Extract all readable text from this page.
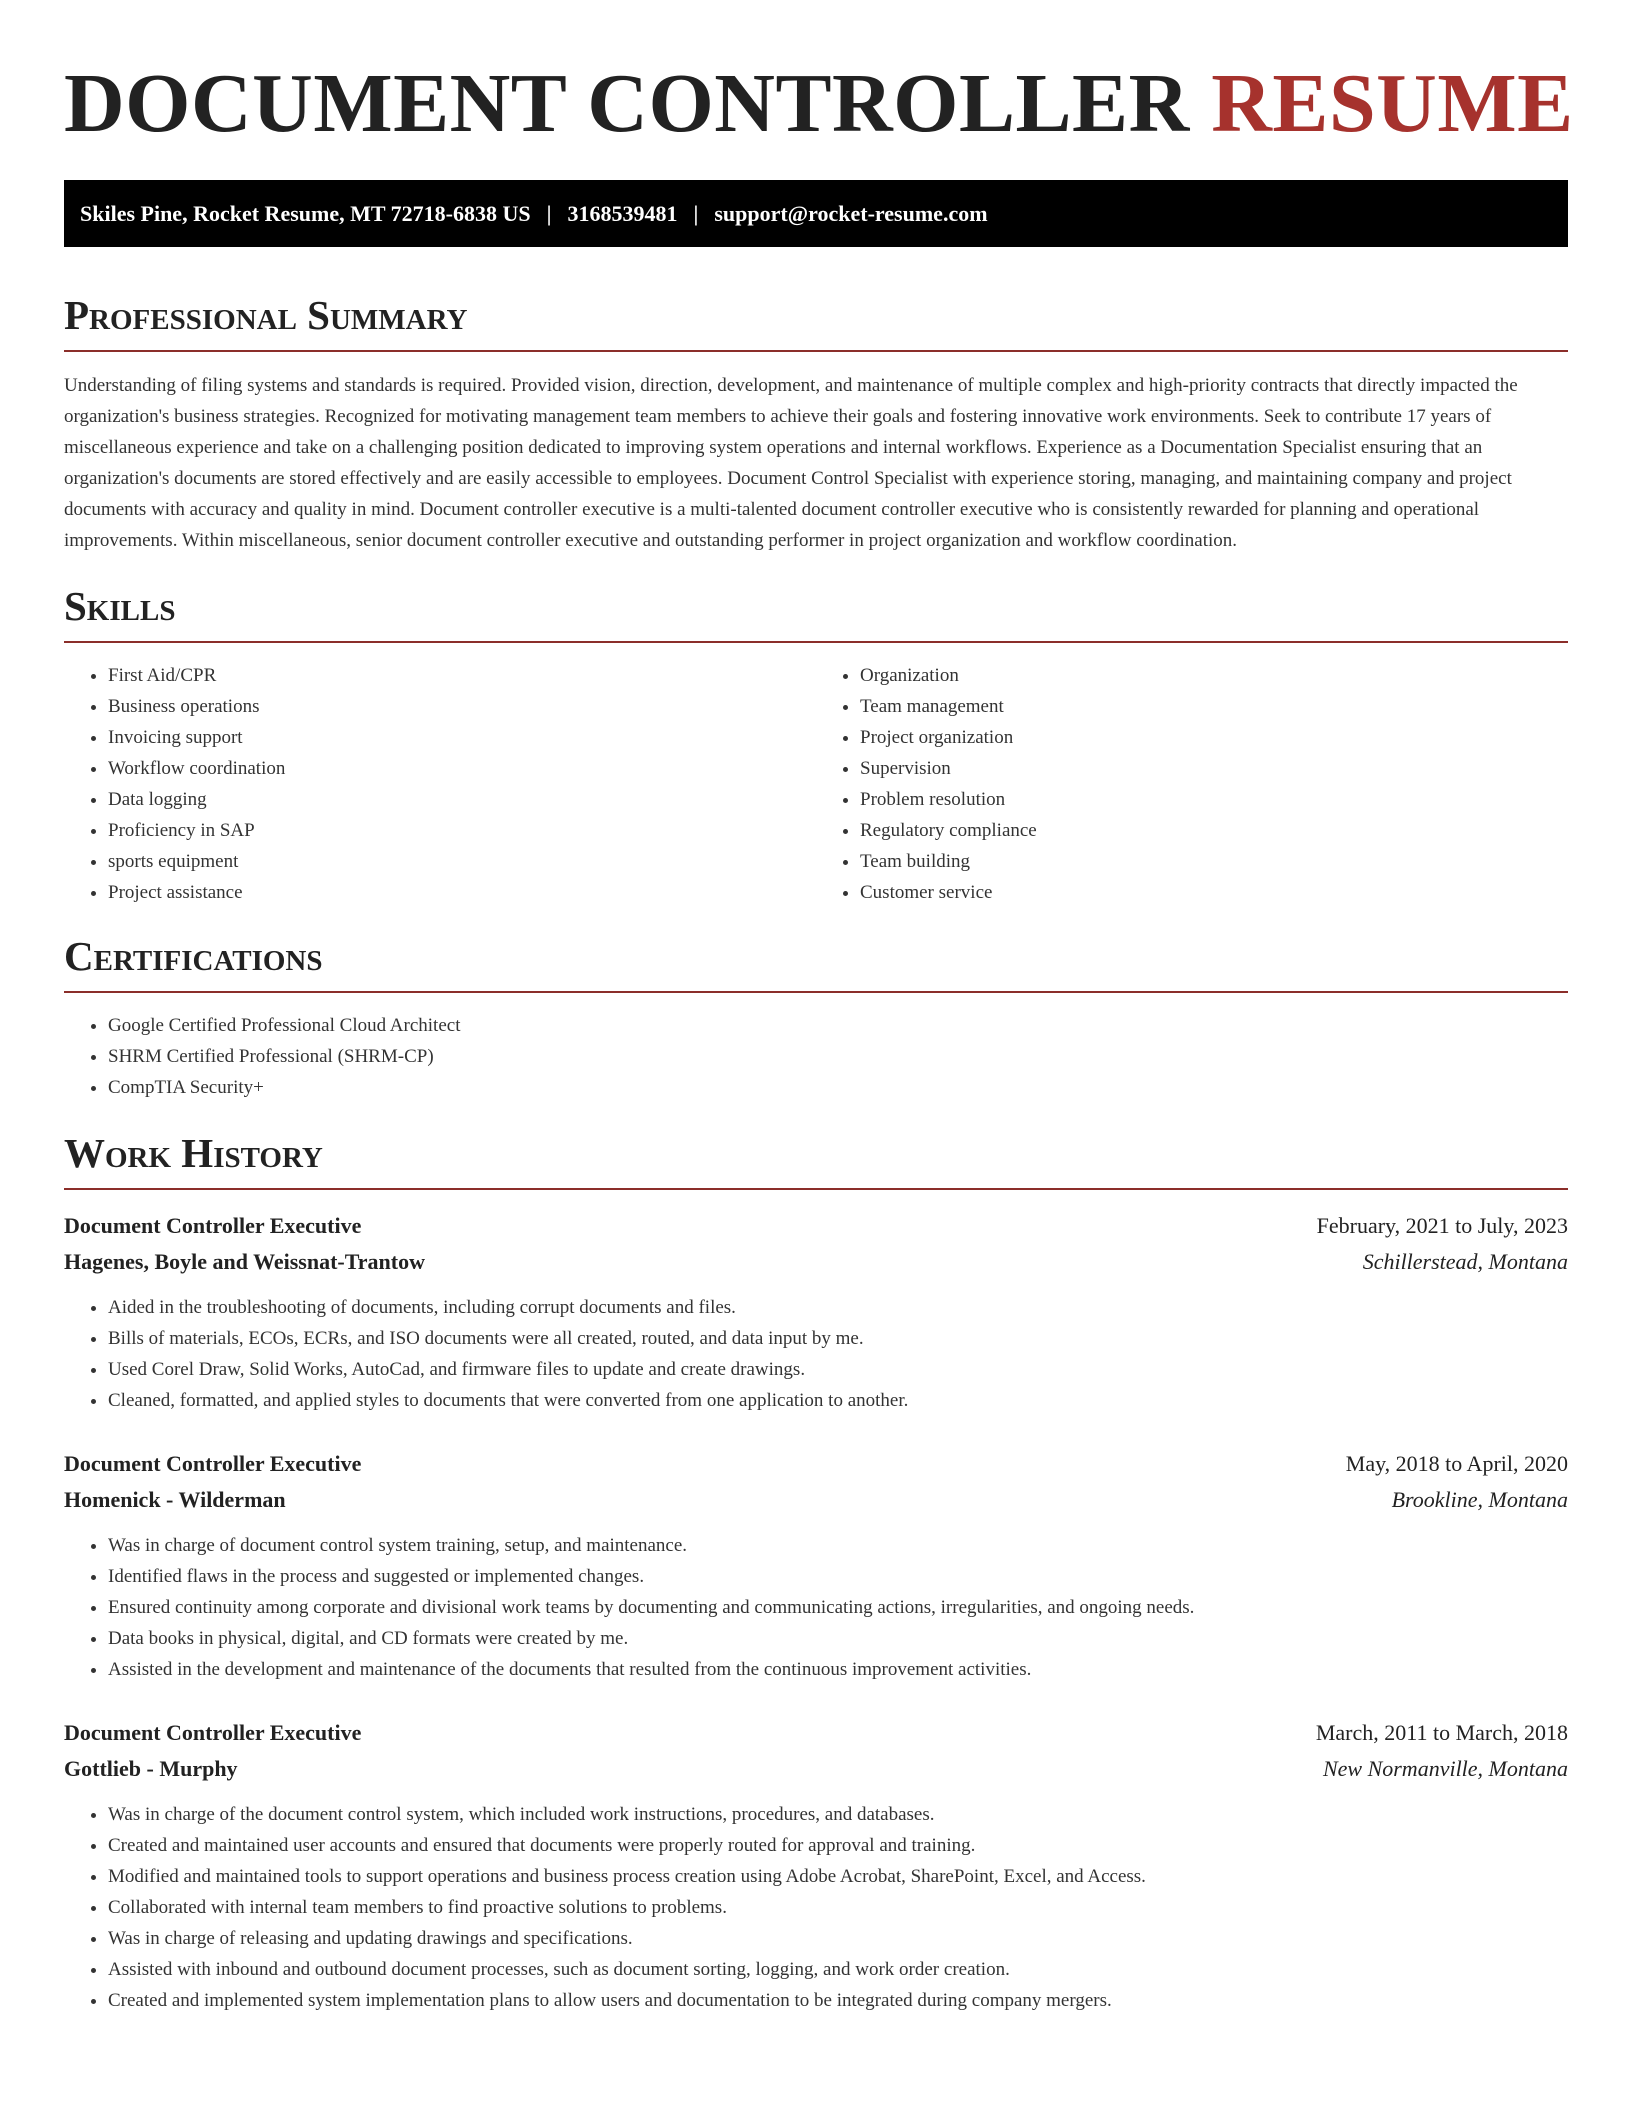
DOCUMENT CONTROLLER RESUME
Skiles Pine, Rocket Resume, MT 72718-6838 US | 3168539481 | support@rocket-resume.com
Professional Summary

Understanding of filing systems and standards is required. Provided vision, direction, development, and maintenance of multiple complex and high-priority contracts that directly impacted the organization's business strategies. Recognized for motivating management team members to achieve their goals and fostering innovative work environments. Seek to contribute 17 years of miscellaneous experience and take on a challenging position dedicated to improving system operations and internal workflows. Experience as a Documentation Specialist ensuring that an organization's documents are stored effectively and are easily accessible to employees. Document Control Specialist with experience storing, managing, and maintaining company and project documents with accuracy and quality in mind. Document controller executive is a multi-talented document controller executive who is consistently rewarded for planning and operational improvements. Within miscellaneous, senior document controller executive and outstanding performer in project organization and workflow coordination.

Skills
• First Aid/CPR
• Business operations
• Invoicing support
• Workflow coordination
• Data logging
• Proficiency in SAP
• sports equipment
• Project assistance
• Organization
• Team management
• Project organization
• Supervision
• Problem resolution
• Regulatory compliance
• Team building
• Customer service
Certifications
• Google Certified Professional Cloud Architect
• SHRM Certified Professional (SHRM-CP)
• CompTIA Security+
Work History
Document Controller Executive	February, 2021 to July, 2023
Hagenes, Boyle and Weissnat-Trantow	Schillerstead, Montana
• Aided in the troubleshooting of documents, including corrupt documents and files.
• Bills of materials, ECOs, ECRs, and ISO documents were all created, routed, and data input by me.
• Used Corel Draw, Solid Works, AutoCad, and firmware files to update and create drawings.
• Cleaned, formatted, and applied styles to documents that were converted from one application to another.
Document Controller Executive	May, 2018 to April, 2020
Homenick - Wilderman	Brookline, Montana
• Was in charge of document control system training, setup, and maintenance.
• Identified flaws in the process and suggested or implemented changes.
• Ensured continuity among corporate and divisional work teams by documenting and communicating actions, irregularities, and ongoing needs.
• Data books in physical, digital, and CD formats were created by me.
• Assisted in the development and maintenance of the documents that resulted from the continuous improvement activities.
Document Controller Executive	March, 2011 to March, 2018
Gottlieb - Murphy	New Normanville, Montana
• Was in charge of the document control system, which included work instructions, procedures, and databases.
• Created and maintained user accounts and ensured that documents were properly routed for approval and training.
• Modified and maintained tools to support operations and business process creation using Adobe Acrobat, SharePoint, Excel, and Access.
• Collaborated with internal team members to find proactive solutions to problems.
• Was in charge of releasing and updating drawings and specifications.
• Assisted with inbound and outbound document processes, such as document sorting, logging, and work order creation.
• Created and implemented system implementation plans to allow users and documentation to be integrated during company mergers.
